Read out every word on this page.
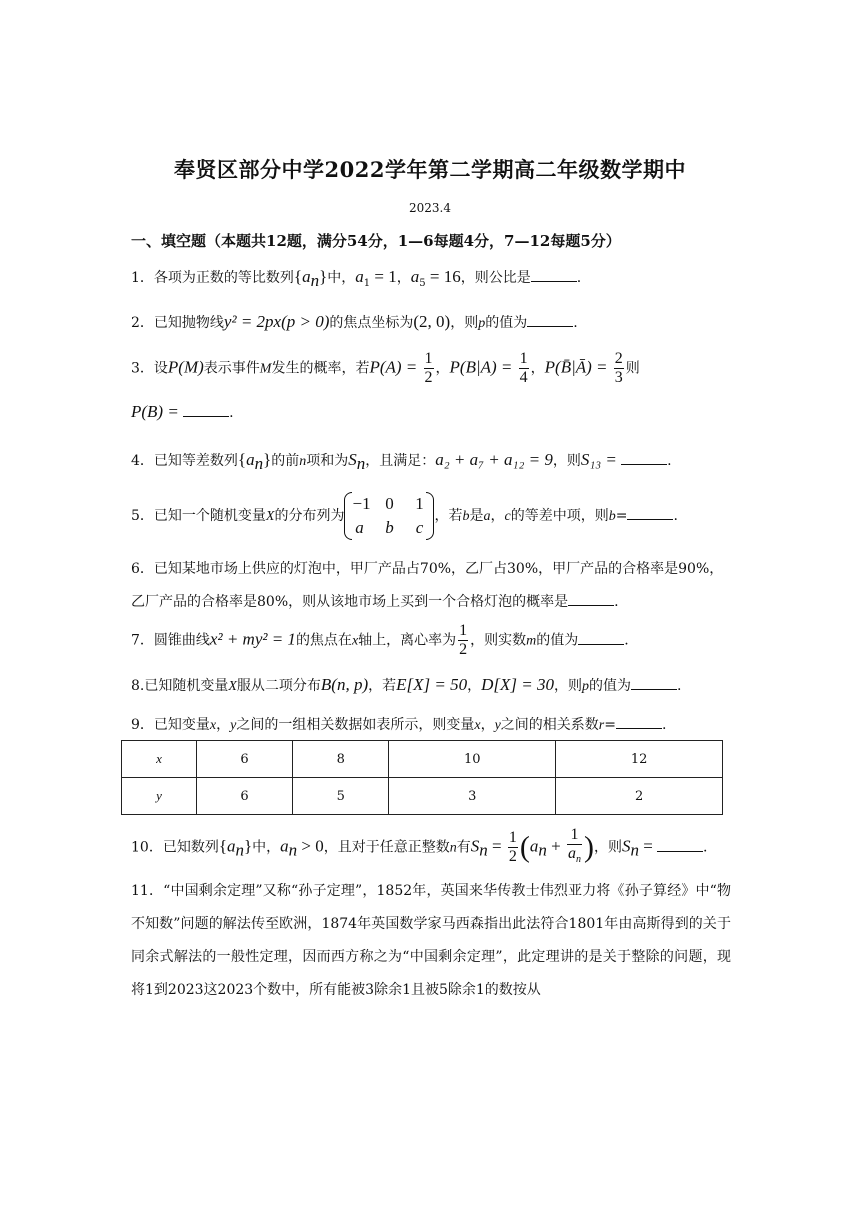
奉贤区部分中学2022学年第二学期高二年级数学期中
2023.4
一、填空题（本题共12题，满分54分，1—6每题4分，7—12每题5分）
1．各项为正数的等比数列$\{a_n\}$中，$a_1 = 1$，$a_5 = 16$，则公比是	.
2．已知抛物线y² = 2px(p > 0)的焦点坐标为(2, 0)，则p的值为	.
3．设P(M)表示事件M发生的概率，若$P(A) = \frac{1}{2}$ ，$P(B|A) = \frac{1}{4}$ ，P(B̄|Ā) = $\frac{2}{3}$ 则
P(B) =	.
4．已知等差数列$\{a_n\}$的前n项和为$S_n$，且满足：a₂ + a₇ + a₁₂ = 9，则S₁₃ =	.
5．已知一个随机变量X的分布列为
−1 0 1
a b c
，若b是a，c的等差中项，则b=	.
6．已知某地市场上供应的灯泡中，甲厂产品占70%，乙厂占30%，甲厂产品的合格率是90%，
乙厂产品的合格率是80%，则从该地市场上买到一个合格灯泡的概率是	.
7．圆锥曲线x² + my² = 1的焦点在x轴上，离心率为 $\frac{1}{2}$ ，则实数m的值为	.
8.已知随机变量X服从二项分布B(n, p)，若E[X] = 50，D[X] = 30，则p的值为	.
9．已知变量x，y之间的一组相关数据如表所示，则变量x，y之间的相关系数r=	.
x	6	8	10	12
y	6	5	3	2
10．已知数列$\{a_n\}$中，$a_n > 0$，且对于任意正整数n有$S_n = \frac{1}{2} (a_n + \frac{1}{a_n}$ )，则$S_n$ =	.
11．“中国剩余定理”又称“孙子定理”，1852年，英国来华传教士伟烈亚力将《孙子算经》中“物不知数”问题的解法传至欧洲，1874年英国数学家马西森指出此法符合1801年由高斯得到的关于同余式解法的一般性定理，因而西方称之为“中国剩余定理”，此定理讲的是关于整除的问题，现将1到2023这2023个数中，所有能被3除余1且被5除余1的数按从
